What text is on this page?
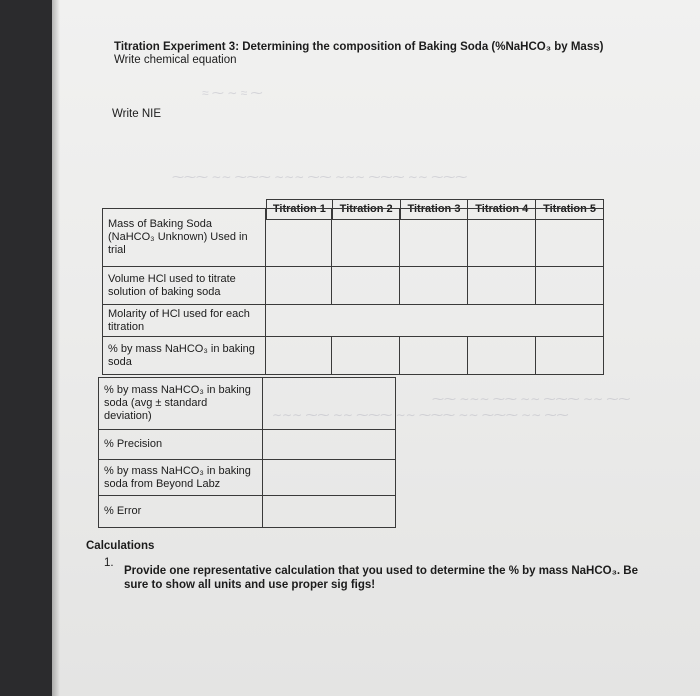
≈ ⁓ ∼ ≈ ⁓
⁓⁓⁓ ∼∼ ⁓⁓⁓ ∼∼∼ ⁓⁓ ∼∼∼ ⁓⁓⁓ ∼∼ ⁓⁓⁓
⁓⁓ ∼∼∼ ⁓⁓ ∼∼ ⁓⁓⁓ ∼∼ ⁓⁓
∼∼∼ ⁓⁓ ∼∼ ⁓⁓⁓ ∼∼ ⁓⁓⁓ ∼∼ ⁓⁓⁓ ∼∼ ⁓⁓
Titration Experiment 3: Determining the composition of Baking Soda (%NaHCO₃ by Mass)
Write chemical equation
Write NIE
Titration 1	Titration 2	Titration 3	Titration 4	Titration 5
Mass of Baking Soda (NaHCO₃ Unknown) Used in trial					
Volume HCl used to titrate solution of baking soda					
Molarity of HCl used for each titration					
% by mass NaHCO₃ in baking soda					
% by mass NaHCO₃ in baking soda (avg ± standard deviation)	
% Precision	
% by mass NaHCO₃ in baking soda from Beyond Labz	
% Error	
Calculations
1.
Provide one representative calculation that you used to determine the % by mass NaHCO₃. Be
sure to show all units and use proper sig figs!
